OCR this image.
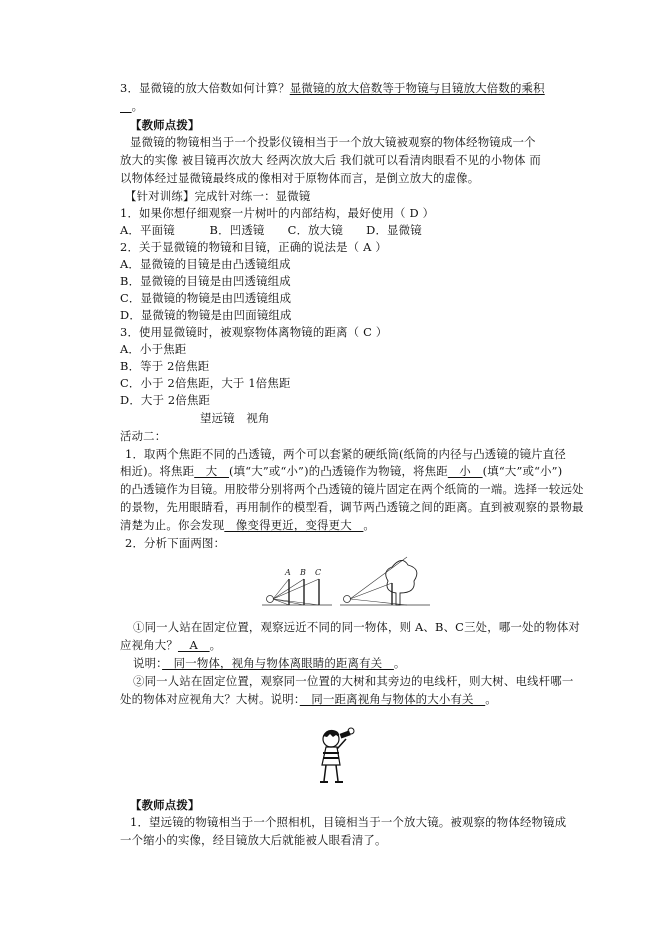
3．显微镜的放大倍数如何计算？显微镜的放大倍数等于物镜与目镜放大倍数的乘积
　。
【教师点拨】
显微镜的物镜相当于一个投影仪镜相当于一个放大镜被观察的物体经物镜成一个
放大的实像 被目镜再次放大 经两次放大后 我们就可以看清肉眼看不见的小物体 而
以物体经过显微镜最终成的像相对于原物体而言，是倒立放大的虚像。
【针对训练】完成针对练一：显微镜
1．如果你想仔细观察一片树叶的内部结构，最好使用（ D ）
A．平面镜　　　B．凹透镜　　C．放大镜　　D．显微镜
2．关于显微镜的物镜和目镜，正确的说法是（ A ）
A．显微镜的目镜是由凸透镜组成
B．显微镜的目镜是由凹透镜组成
C．显微镜的物镜是由凹透镜组成
D．显微镜的物镜是由凹面镜组成
3．使用显微镜时，被观察物体离物镜的距离（ C ）
A．小于焦距
B．等于 2倍焦距
C．小于 2倍焦距，大于 1倍焦距
D．大于 2倍焦距
望远镜　视角
活动二：
1．取两个焦距不同的凸透镜，两个可以套紧的硬纸筒(纸筒的内径与凸透镜的镜片直径
相近)。将焦距　大　(填“大”或“小”)的凸透镜作为物镜，将焦距　小　(填“大”或“小”)
的凸透镜作为目镜。用胶带分别将两个凸透镜的镜片固定在两个纸筒的一端。选择一较远处
的景物，先用眼睛看，再用制作的模型看，调节两凸透镜之间的距离。直到被观察的景物最
清楚为止。你会发现　像变得更近，变得更大　。
2．分析下面两图：
A B C
①同一人站在固定位置，观察远近不同的同一物体，则 A、B、C三处，哪一处的物体对
应视角大？　A　。
说明：　同一物体，视角与物体离眼睛的距离有关　。
②同一人站在固定位置，观察同一位置的大树和其旁边的电线杆，则大树、电线杆哪一
处的物体对应视角大？大树。说明：　同一距离视角与物体的大小有关　。
【教师点拨】
1．望远镜的物镜相当于一个照相机，目镜相当于一个放大镜。被观察的物体经物镜成
一个缩小的实像，经目镜放大后就能被人眼看清了。
